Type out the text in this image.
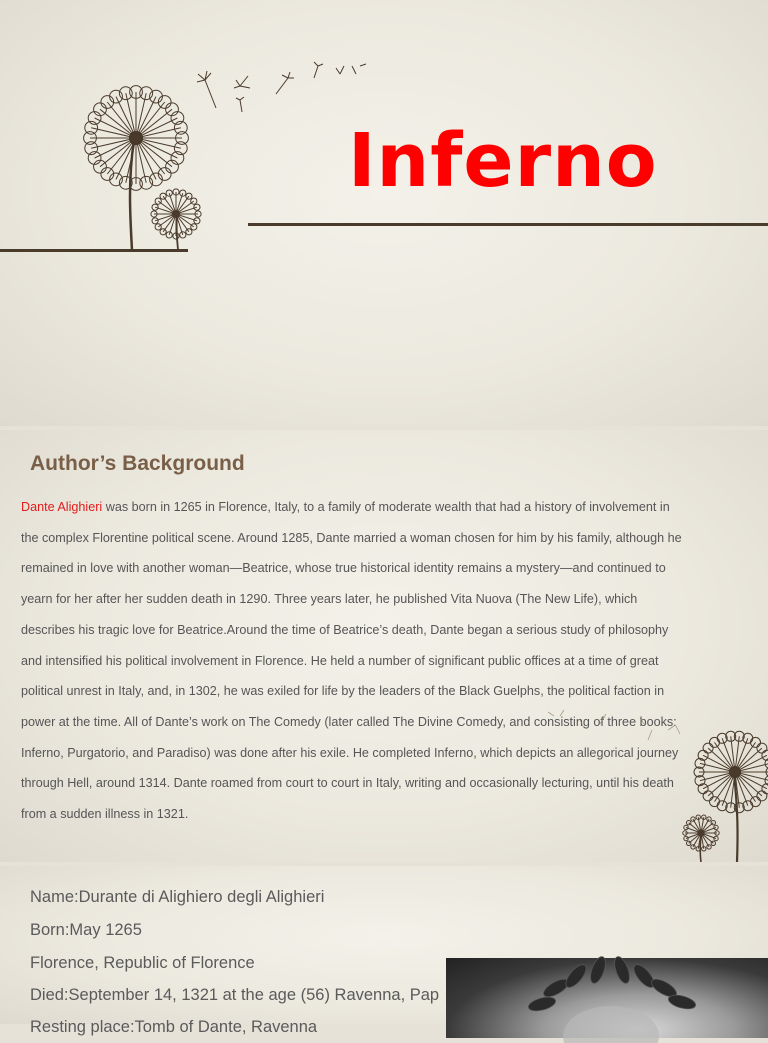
Inferno
Author’s Background

Dante Alighieri was born in 1265 in Florence, Italy, to a family of moderate wealth that had a history of involvement in the complex Florentine political scene. Around 1285, Dante married a woman chosen for him by his family, although he remained in love with another woman—Beatrice, whose true historical identity remains a mystery—and continued to yearn for her after her sudden death in 1290. Three years later, he published Vita Nuova (The New Life), which describes his tragic love for Beatrice.Around the time of Beatrice’s death, Dante began a serious study of philosophy and intensified his political involvement in Florence. He held a number of significant public offices at a time of great political unrest in Italy, and, in 1302, he was exiled for life by the leaders of the Black Guelphs, the political faction in power at the time. All of Dante’s work on The Comedy (later called The Divine Comedy, and consisting of three books: Inferno, Purgatorio, and Paradiso) was done after his exile. He completed Inferno, which depicts an allegorical journey through Hell, around 1314. Dante roamed from court to court in Italy, writing and occasionally lecturing, until his death from a sudden illness in 1321.

Name:Durante di Alighiero degli Alighieri
Born:May 1265
Florence, Republic of Florence
Died:September 14, 1321 at the age (56) Ravenna, Pap
Resting place:Tomb of Dante, Ravenna
